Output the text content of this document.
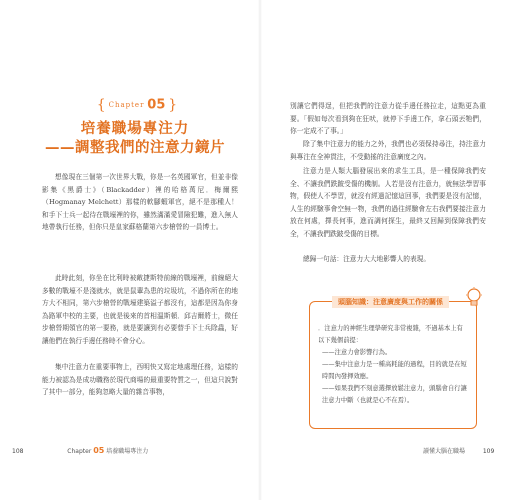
{ Chapter 05 }
培養職場專注力
——調整我們的注意力鏡片

想像現在三個第一次世界大戰，你是一名英國軍官，但並非像影集《黑爵士》（Blackadder）裡的哈格萬尼．梅爾熙（Hogmanay Melchett）那樣的軟腳蝦軍官，絕不是那種人！和手下士兵一起待在戰壕裡的你，雖然滿滿愛冒險犯難，進入無人地帶執行任務，但你只是皇家蘇格蘭第六步槍營的一員博士。

此時此刻，你坐在比利時被敵捷斯特前線的戰壕裡，前線絕大多數的戰壕不是淺就水，就是鼠輩為患的垃圾坑，不過你所在的地方大不相同，第六步槍營的戰壕建築溢子都沒有，這都是因為你身為路軍中校的主要，也就是後來的首相溫斯頓．邱吉爾將士，微任步槍營期領官的第一要務，就是要讓到有必要替手下士兵除蟲，好讓他們在執行手邊任務時不會分心。

集中注意力在重要事物上，西明快又寫定地處理任務，這樣的能力被認為是成功職務於現代商場的最重要特質之一，但這只說對了其中一部分，能夠忽略大量的雜音事物，

別讓它們得逞，但把我們的注意力從手邊任務拉走，這點更為重要。「假如每次看到夠在狂吠，就停下手邊工作，拿石頭丟牠們，你一定成不了事。」

除了集中注意力的能力之外，我們也必須保持尋注，持注意力與專注在全神貫注，不受動搖的注意廣度之內。

注意力是人類大腦發展出來的求生工具，是一種保障我們安全、不讓我們跌跛受傷的機制。人若是沒有注意力，就無法學習事物，假使人不學習，就沒有經過記憶這回事，我們要是沒有記憶，人生的經驗事會空無一物，我們的過往經驗會左右我們要接注意力放在何處，擇長何事，進而調何探生，最終又回歸到保障我們安全，不讓我們跌跛受傷的目標。

總歸一句話：注意力大大地影響人的表現。

頭腦知識：注意廣度與工作的關係

．注意力的神經生理學研究非常複雜，不過基本上有以下幾個前提：

——注意力會影響行為。

——集中注意力是一種高耗能的過程，目的就是在短時間內發揮效應。

——如果我們不刻意選擇放鬆注意力，頭腦會自行讓注意力中斷（也就是心不在焉）。

108	Chapter 05 培養職場專注力	讀懂大腦在職場	109
